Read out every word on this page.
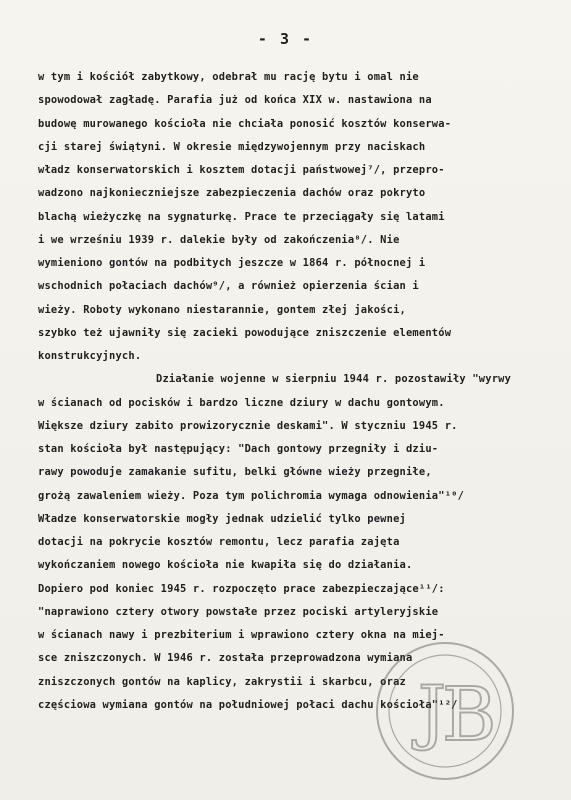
- 3 -
w tym i kościół zabytkowy, odebrał mu rację bytu i omal nie
spowodował zagładę. Parafia już od końca XIX w. nastawiona na
budowę murowanego kościoła nie chciała ponosić kosztów konserwa-
cji starej świątyni. W okresie międzywojennym przy naciskach
władz konserwatorskich i kosztem dotacji państwowej⁷/, przepro-
wadzono najkonieczniejsze zabezpieczenia dachów oraz pokryto
blachą wieżyczkę na sygnaturkę. Prace te przeciągały się latami
i we wrześniu 1939 r. dalekie były od zakończenia⁸/. Nie
wymieniono gontów na podbitych jeszcze w 1864 r. północnej i
wschodnich połaciach dachów⁹/, a również opierzenia ścian i
wieży. Roboty wykonano niestarannie, gontem złej jakości,
szybko też ujawniły się zacieki powodujące zniszczenie elementów
konstrukcyjnych.
Działanie wojenne w sierpniu 1944 r. pozostawiły "wyrwy
w ścianach od pocisków i bardzo liczne dziury w dachu gontowym.
Większe dziury zabito prowizorycznie deskami". W styczniu 1945 r.
stan kościoła był następujący: "Dach gontowy przegniły i dziu-
rawy powoduje zamakanie sufitu, belki główne wieży przegniłe,
grożą zawaleniem wieży. Poza tym polichromia wymaga odnowienia"¹⁰/
Władze konserwatorskie mogły jednak udzielić tylko pewnej
dotacji na pokrycie kosztów remontu, lecz parafia zajęta
wykończaniem nowego kościoła nie kwapiła się do działania.
Dopiero pod koniec 1945 r. rozpoczęto prace zabezpieczające¹¹/:
"naprawiono cztery otwory powstałe przez pociski artyleryjskie
w ścianach nawy i prezbiterium i wprawiono cztery okna na miej-
sce zniszczonych. W 1946 r. została przeprowadzona wymiana
zniszczonych gontów na kaplicy, zakrystii i skarbcu, oraz
częściowa wymiana gontów na południowej połaci dachu kościoła"¹²/
J
B
